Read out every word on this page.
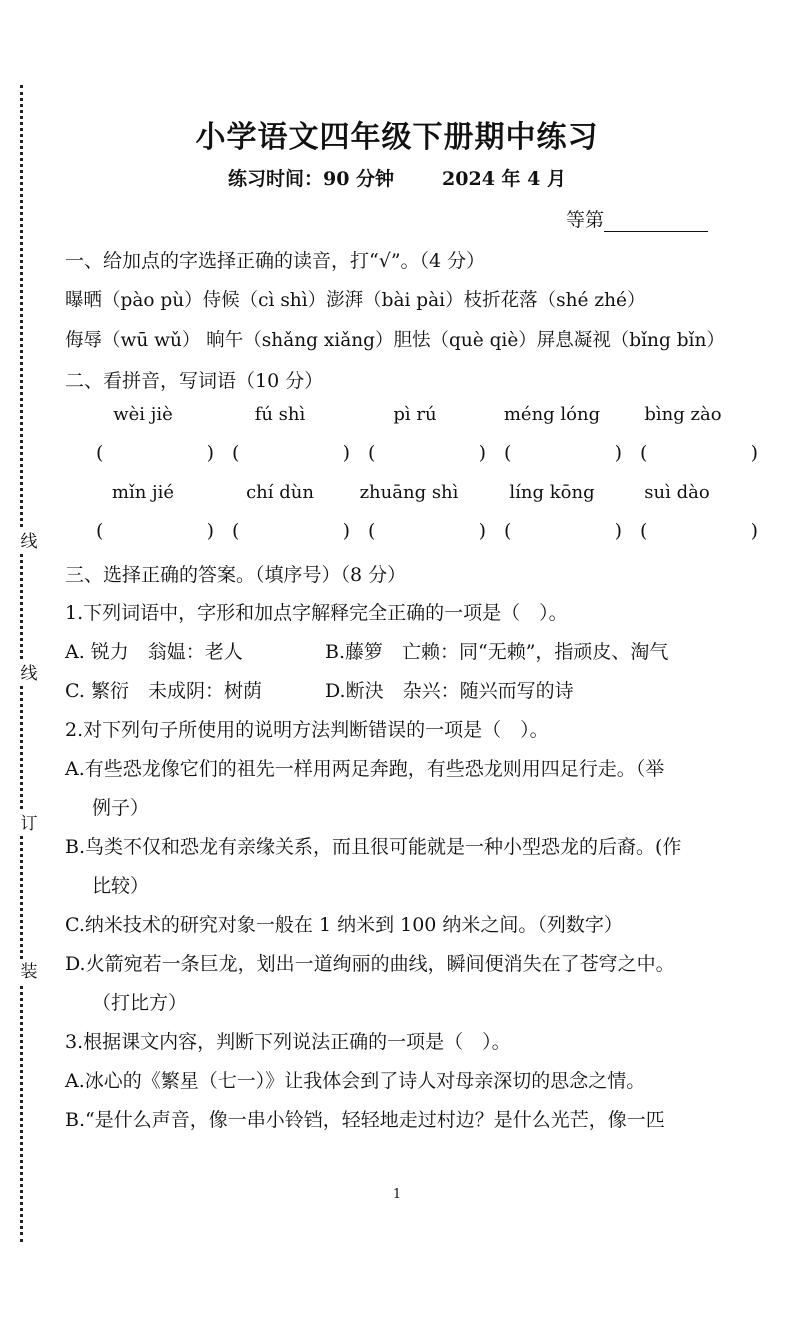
线
线
订
装
小学语文四年级下册期中练习
练习时间：90 分钟	2024 年 4 月
等第
一、给加点的字选择正确的读音，打“√”。（4 分）
曝晒（pào pù）侍候（cì shì）澎湃（bài pài）枝折花落（shé zhé）
侮辱（wū wǔ） 晌午（shǎng xiǎng）胆怯（què qiè）屏息凝视（bǐng bǐn）
二、看拼音，写词语（10 分）
wèi jiè	fú shì	pì rú	méng lóng	bìng zào
(	) (	) (	) (	) (	)
mǐn jié	chí dùn	zhuāng shì	líng kōng	suì dào
(	) (	) (	) (	) (	)
三、选择正确的答案。（填序号）（8 分）
1.下列词语中，字形和加点字解释完全正确的一项是（　）。
A. 锐力　翁媪：老人	B.藤箩　亡赖：同“无赖”，指顽皮、淘气
C. 繁衍　未成阴：树荫	D.断決　杂兴：随兴而写的诗
2.对下列句子所使用的说明方法判断错误的一项是（　）。
A.有些恐龙像它们的祖先一样用两足奔跑，有些恐龙则用四足行走。（举
例子）
B.鸟类不仅和恐龙有亲缘关系，而且很可能就是一种小型恐龙的后裔。(作
比较）
C.纳米技术的研究对象一般在 1 纳米到 100 纳米之间。（列数字）
D.火箭宛若一条巨龙，划出一道绚丽的曲线，瞬间便消失在了苍穹之中。
（打比方）
3.根据课文内容，判断下列说法正确的一项是（　）。
A.冰心的《繁星（七一）》让我体会到了诗人对母亲深切的思念之情。
B.“是什么声音，像一串小铃铛，轻轻地走过村边？是什么光芒，像一匹
1
